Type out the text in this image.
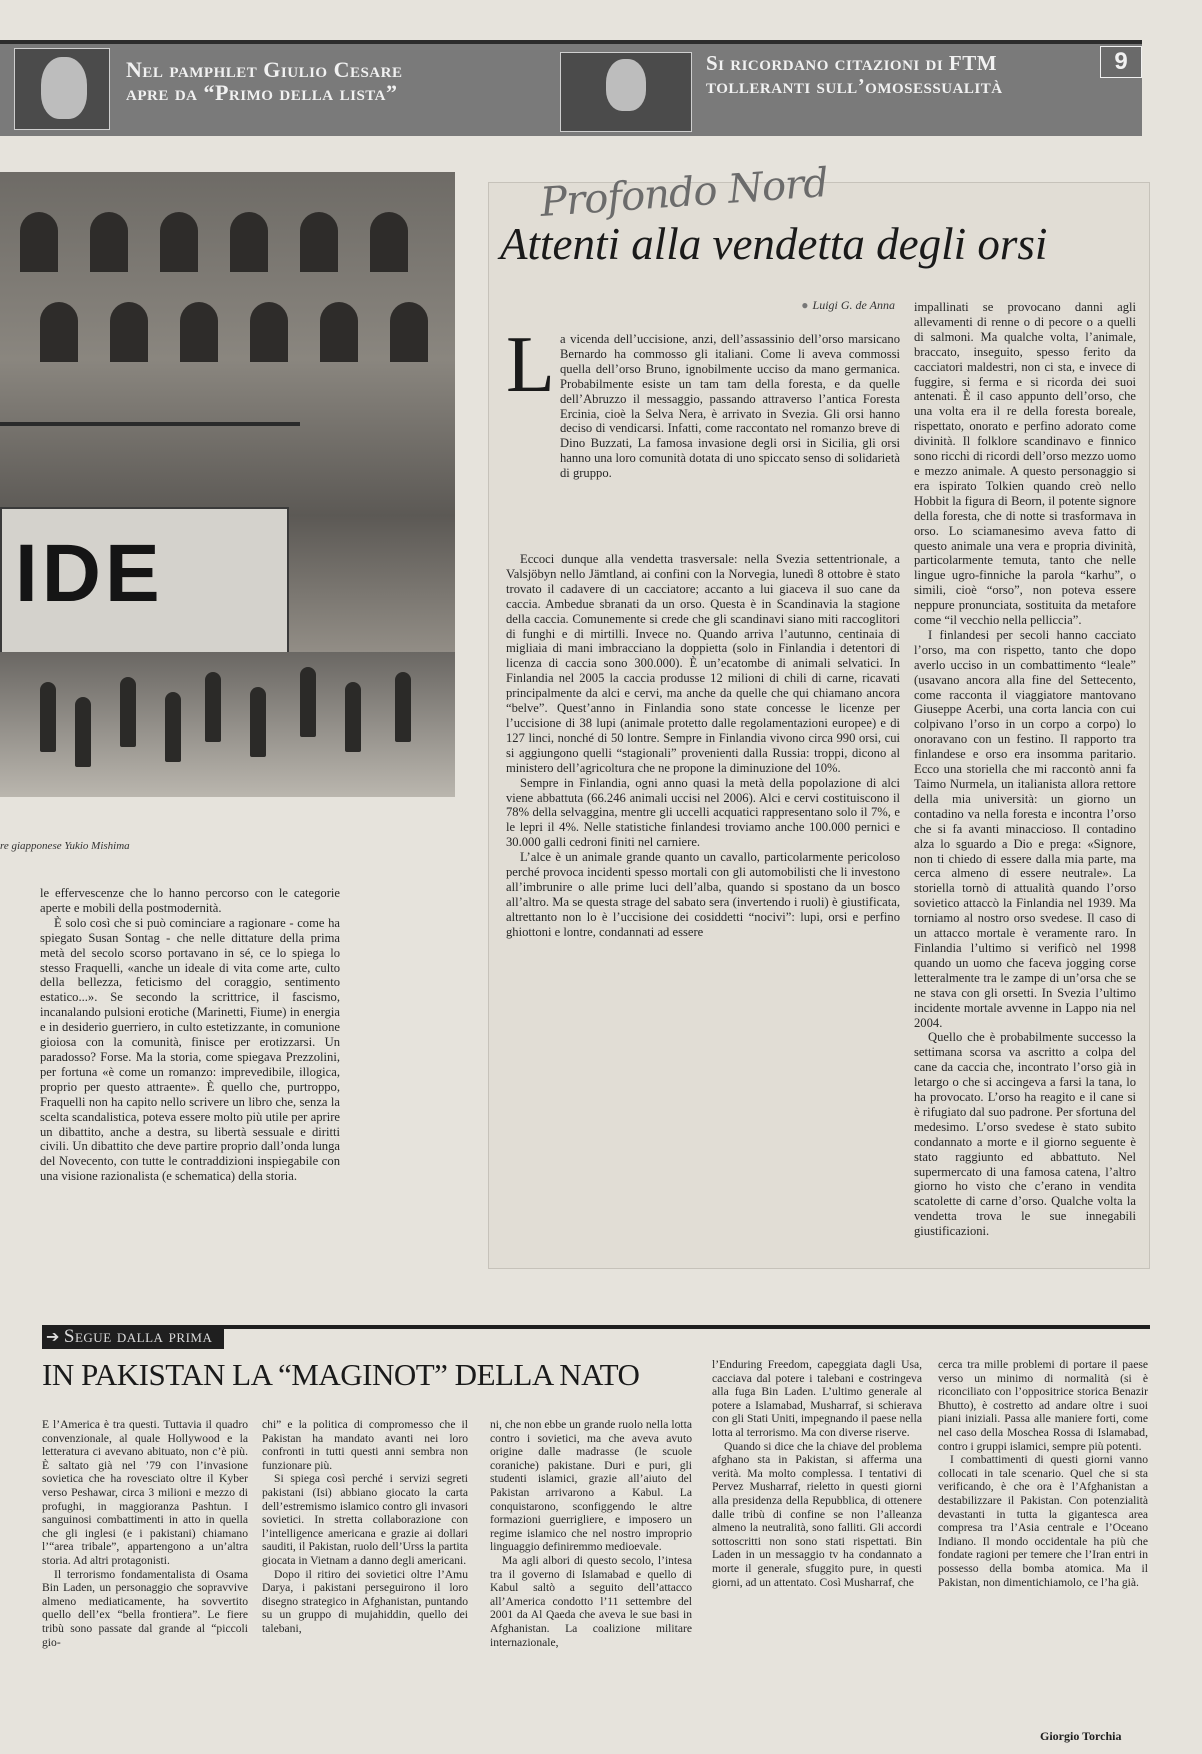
Nel pamphlet Giulio Cesare
apre da “Primo della lista”
Si ricordano citazioni di FTM
tolleranti sull’omosessualità
9
IDE
re giapponese Yukio Mishima

le effervescenze che lo hanno percorso con le categorie aperte e mobili della postmodernità.

È solo così che si può cominciare a ragionare - come ha spiegato Susan Sontag - che nelle dittature della prima metà del secolo scorso portavano in sé, ce lo spiega lo stesso Fraquelli, «anche un ideale di vita come arte, culto della bellezza, feticismo del coraggio, sentimento estatico...». Se secondo la scrittrice, il fascismo, incanalando pulsioni erotiche (Marinetti, Fiume) in energia e in desiderio guerriero, in culto estetizzante, in comunione gioiosa con la comunità, finisce per erotizzarsi. Un paradosso? Forse. Ma la storia, come spiegava Prezzolini, per fortuna «è come un romanzo: imprevedibile, illogica, proprio per questo attraente». È quello che, purtroppo, Fraquelli non ha capito nello scrivere un libro che, senza la scelta scandalistica, poteva essere molto più utile per aprire un dibattito, anche a destra, su libertà sessuale e diritti civili. Un dibattito che deve partire proprio dall’onda lunga del Novecento, con tutte le contraddizioni inspiegabile con una visione razionalista (e schematica) della storia.

Profondo Nord
Attenti alla vendetta degli orsi
● Luigi G. de Anna
L a vicenda dell’uccisione, anzi, dell’assassinio dell’orso marsicano Bernardo ha commosso gli italiani. Come li aveva commossi quella dell’orso Bruno, ignobilmente ucciso da mano germanica. Probabilmente esiste un tam tam della foresta, e da quelle dell’Abruzzo il messaggio, passando attraverso l’antica Foresta Ercinia, cioè la Selva Nera, è arrivato in Svezia. Gli orsi hanno deciso di vendicarsi. Infatti, come raccontato nel romanzo breve di Dino Buzzati, La famosa invasione degli orsi in Sicilia, gli orsi hanno una loro comunità dotata di uno spiccato senso di solidarietà di gruppo.

Eccoci dunque alla vendetta trasversale: nella Svezia settentrionale, a Valsjöbyn nello Jämtland, ai confini con la Norvegia, lunedì 8 ottobre è stato trovato il cadavere di un cacciatore; accanto a lui giaceva il suo cane da caccia. Ambedue sbranati da un orso. Questa è in Scandinavia la stagione della caccia. Comunemente si crede che gli scandinavi siano miti raccoglitori di funghi e di mirtilli. Invece no. Quando arriva l’autunno, centinaia di migliaia di mani imbracciano la doppietta (solo in Finlandia i detentori di licenza di caccia sono 300.000). È un’ecatombe di animali selvatici. In Finlandia nel 2005 la caccia produsse 12 milioni di chili di carne, ricavati principalmente da alci e cervi, ma anche da quelle che qui chiamano ancora “belve”. Quest’anno in Finlandia sono state concesse le licenze per l’uccisione di 38 lupi (animale protetto dalle regolamentazioni europee) e di 127 linci, nonché di 50 lontre. Sempre in Finlandia vivono circa 990 orsi, cui si aggiungono quelli “stagionali” provenienti dalla Russia: troppi, dicono al ministero dell’agricoltura che ne propone la diminuzione del 10%.

Sempre in Finlandia, ogni anno quasi la metà della popolazione di alci viene abbattuta (66.246 animali uccisi nel 2006). Alci e cervi costituiscono il 78% della selvaggina, mentre gli uccelli acquatici rappresentano solo il 7%, e le lepri il 4%. Nelle statistiche finlandesi troviamo anche 100.000 pernici e 30.000 galli cedroni finiti nel carniere.

L’alce è un animale grande quanto un cavallo, particolarmente pericoloso perché provoca incidenti spesso mortali con gli automobilisti che li investono all’imbrunire o alle prime luci dell’alba, quando si spostano da un bosco all’altro. Ma se questa strage del sabato sera (invertendo i ruoli) è giustificata, altrettanto non lo è l’uccisione dei cosiddetti “nocivi”: lupi, orsi e perfino ghiottoni e lontre, condannati ad essere

impallinati se provocano danni agli allevamenti di renne o di pecore o a quelli di salmoni. Ma qualche volta, l’animale, braccato, inseguito, spesso ferito da cacciatori maldestri, non ci sta, e invece di fuggire, si ferma e si ricorda dei suoi antenati. È il caso appunto dell’orso, che una volta era il re della foresta boreale, rispettato, onorato e perfino adorato come divinità. Il folklore scandinavo e finnico sono ricchi di ricordi dell’orso mezzo uomo e mezzo animale. A questo personaggio si era ispirato Tolkien quando creò nello Hobbit la figura di Beorn, il potente signore della foresta, che di notte si trasformava in orso. Lo sciamanesimo aveva fatto di questo animale una vera e propria divinità, particolarmente temuta, tanto che nelle lingue ugro-finniche la parola “karhu”, o simili, cioè “orso”, non poteva essere neppure pronunciata, sostituita da metafore come “il vecchio nella pelliccia”.

I finlandesi per secoli hanno cacciato l’orso, ma con rispetto, tanto che dopo averlo ucciso in un combattimento “leale” (usavano ancora alla fine del Settecento, come racconta il viaggiatore mantovano Giuseppe Acerbi, una corta lancia con cui colpivano l’orso in un corpo a corpo) lo onoravano con un festino. Il rapporto tra finlandese e orso era insomma paritario. Ecco una storiella che mi raccontò anni fa Taimo Nurmela, un italianista allora rettore della mia università: un giorno un contadino va nella foresta e incontra l’orso che si fa avanti minaccioso. Il contadino alza lo sguardo a Dio e prega: «Signore, non ti chiedo di essere dalla mia parte, ma cerca almeno di essere neutrale». La storiella tornò di attualità quando l’orso sovietico attaccò la Finlandia nel 1939. Ma torniamo al nostro orso svedese. Il caso di un attacco mortale è veramente raro. In Finlandia l’ultimo si verificò nel 1998 quando un uomo che faceva jogging corse letteralmente tra le zampe di un’orsa che se ne stava con gli orsetti. In Svezia l’ultimo incidente mortale avvenne in Lappo nia nel 2004.

Quello che è probabilmente successo la settimana scorsa va ascritto a colpa del cane da caccia che, incontrato l’orso già in letargo o che si accingeva a farsi la tana, lo ha provocato. L’orso ha reagito e il cane si è rifugiato dal suo padrone. Per sfortuna del medesimo. L’orso svedese è stato subito condannato a morte e il giorno seguente è stato raggiunto ed abbattuto. Nel supermercato di una famosa catena, l’altro giorno ho visto che c’erano in vendita scatolette di carne d’orso. Qualche volta la vendetta trova le sue innegabili giustificazioni.

➔ Segue dalla prima
IN PAKISTAN LA “MAGINOT” DELLA NATO

E l’America è tra questi. Tuttavia il quadro convenzionale, al quale Hollywood e la letteratura ci avevano abituato, non c’è più. È saltato già nel ’79 con l’invasione sovietica che ha rovesciato oltre il Kyber verso Peshawar, circa 3 milioni e mezzo di profughi, in maggioranza Pashtun. I sanguinosi combattimenti in atto in quella che gli inglesi (e i pakistani) chiamano l’“area tribale”, appartengono a un’altra storia. Ad altri protagonisti.

Il terrorismo fondamentalista di Osama Bin Laden, un personaggio che sopravvive almeno mediaticamente, ha sovvertito quello dell’ex “bella frontiera”. Le fiere tribù sono passate dal grande al “piccoli gio-

chi” e la politica di compromesso che il Pakistan ha mandato avanti nei loro confronti in tutti questi anni sembra non funzionare più.

Si spiega così perché i servizi segreti pakistani (Isi) abbiano giocato la carta dell’estremismo islamico contro gli invasori sovietici. In stretta collaborazione con l’intelligence americana e grazie ai dollari sauditi, il Pakistan, ruolo dell’Urss la partita giocata in Vietnam a danno degli americani.

Dopo il ritiro dei sovietici oltre l’Amu Darya, i pakistani perseguirono il loro disegno strategico in Afghanistan, puntando su un gruppo di mujahiddin, quello dei talebani,

ni, che non ebbe un grande ruolo nella lotta contro i sovietici, ma che aveva avuto origine dalle madrasse (le scuole coraniche) pakistane. Duri e puri, gli studenti islamici, grazie all’aiuto del Pakistan arrivarono a Kabul. La conquistarono, sconfiggendo le altre formazioni guerrigliere, e imposero un regime islamico che nel nostro improprio linguaggio definiremmo medioevale.

Ma agli albori di questo secolo, l’intesa tra il governo di Islamabad e quello di Kabul saltò a seguito dell’attacco all’America condotto l’11 settembre del 2001 da Al Qaeda che aveva le sue basi in Afghanistan. La coalizione militare internazionale,

l’Enduring Freedom, capeggiata dagli Usa, cacciava dal potere i talebani e costringeva alla fuga Bin Laden. L’ultimo generale al potere a Islamabad, Musharraf, si schierava con gli Stati Uniti, impegnando il paese nella lotta al terrorismo. Ma con diverse riserve.

Quando si dice che la chiave del problema afghano sta in Pakistan, si afferma una verità. Ma molto complessa. I tentativi di Pervez Musharraf, rieletto in questi giorni alla presidenza della Repubblica, di ottenere dalle tribù di confine se non l’alleanza almeno la neutralità, sono falliti. Gli accordi sottoscritti non sono stati rispettati. Bin Laden in un messaggio tv ha condannato a morte il generale, sfuggito pure, in questi giorni, ad un attentato. Così Musharraf, che

cerca tra mille problemi di portare il paese verso un minimo di normalità (si è riconciliato con l’oppositrice storica Benazir Bhutto), è costretto ad andare oltre i suoi piani iniziali. Passa alle maniere forti, come nel caso della Moschea Rossa di Islamabad, contro i gruppi islamici, sempre più potenti.

I combattimenti di questi giorni vanno collocati in tale scenario. Quel che si sta verificando, è che ora è l’Afghanistan a destabilizzare il Pakistan. Con potenzialità devastanti in tutta la gigantesca area compresa tra l’Asia centrale e l’Oceano Indiano. Il mondo occidentale ha più che fondate ragioni per temere che l’Iran entri in possesso della bomba atomica. Ma il Pakistan, non dimentichiamolo, ce l’ha già.

Giorgio Torchia
